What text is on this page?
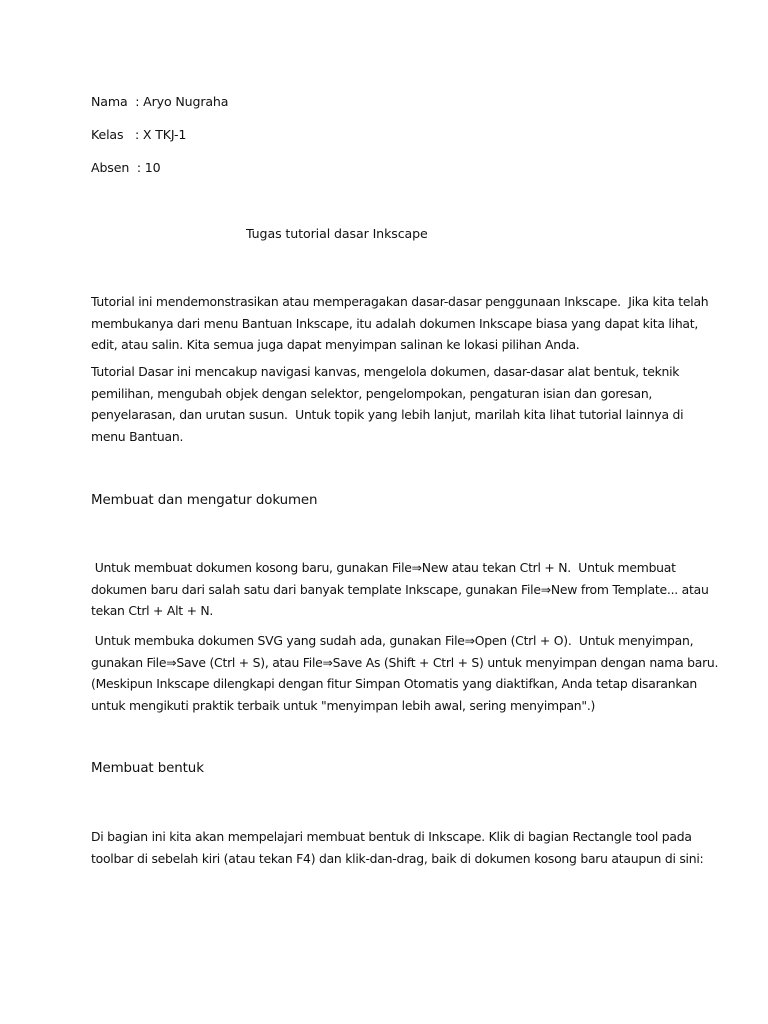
Nama  : Aryo Nugraha
Kelas   : X TKJ-1
Absen  : 10
Tugas tutorial dasar Inkscape
Tutorial ini mendemonstrasikan atau memperagakan dasar-dasar penggunaan Inkscape.  Jika kita telah
membukanya dari menu Bantuan Inkscape, itu adalah dokumen Inkscape biasa yang dapat kita lihat,
edit, atau salin. Kita semua juga dapat menyimpan salinan ke lokasi pilihan Anda.
Tutorial Dasar ini mencakup navigasi kanvas, mengelola dokumen, dasar-dasar alat bentuk, teknik
pemilihan, mengubah objek dengan selektor, pengelompokan, pengaturan isian dan goresan,
penyelarasan, dan urutan susun.  Untuk topik yang lebih lanjut, marilah kita lihat tutorial lainnya di
menu Bantuan.
Membuat dan mengatur dokumen
Untuk membuat dokumen kosong baru, gunakan File⇒New atau tekan Ctrl + N.  Untuk membuat
dokumen baru dari salah satu dari banyak template Inkscape, gunakan File⇒New from Template... atau
tekan Ctrl + Alt + N.
Untuk membuka dokumen SVG yang sudah ada, gunakan File⇒Open (Ctrl + O).  Untuk menyimpan,
gunakan File⇒Save (Ctrl + S), atau File⇒Save As (Shift + Ctrl + S) untuk menyimpan dengan nama baru.
(Meskipun Inkscape dilengkapi dengan fitur Simpan Otomatis yang diaktifkan, Anda tetap disarankan
untuk mengikuti praktik terbaik untuk "menyimpan lebih awal, sering menyimpan".)
Membuat bentuk
Di bagian ini kita akan mempelajari membuat bentuk di Inkscape. Klik di bagian Rectangle tool pada
toolbar di sebelah kiri (atau tekan F4) dan klik-dan-drag, baik di dokumen kosong baru ataupun di sini:
